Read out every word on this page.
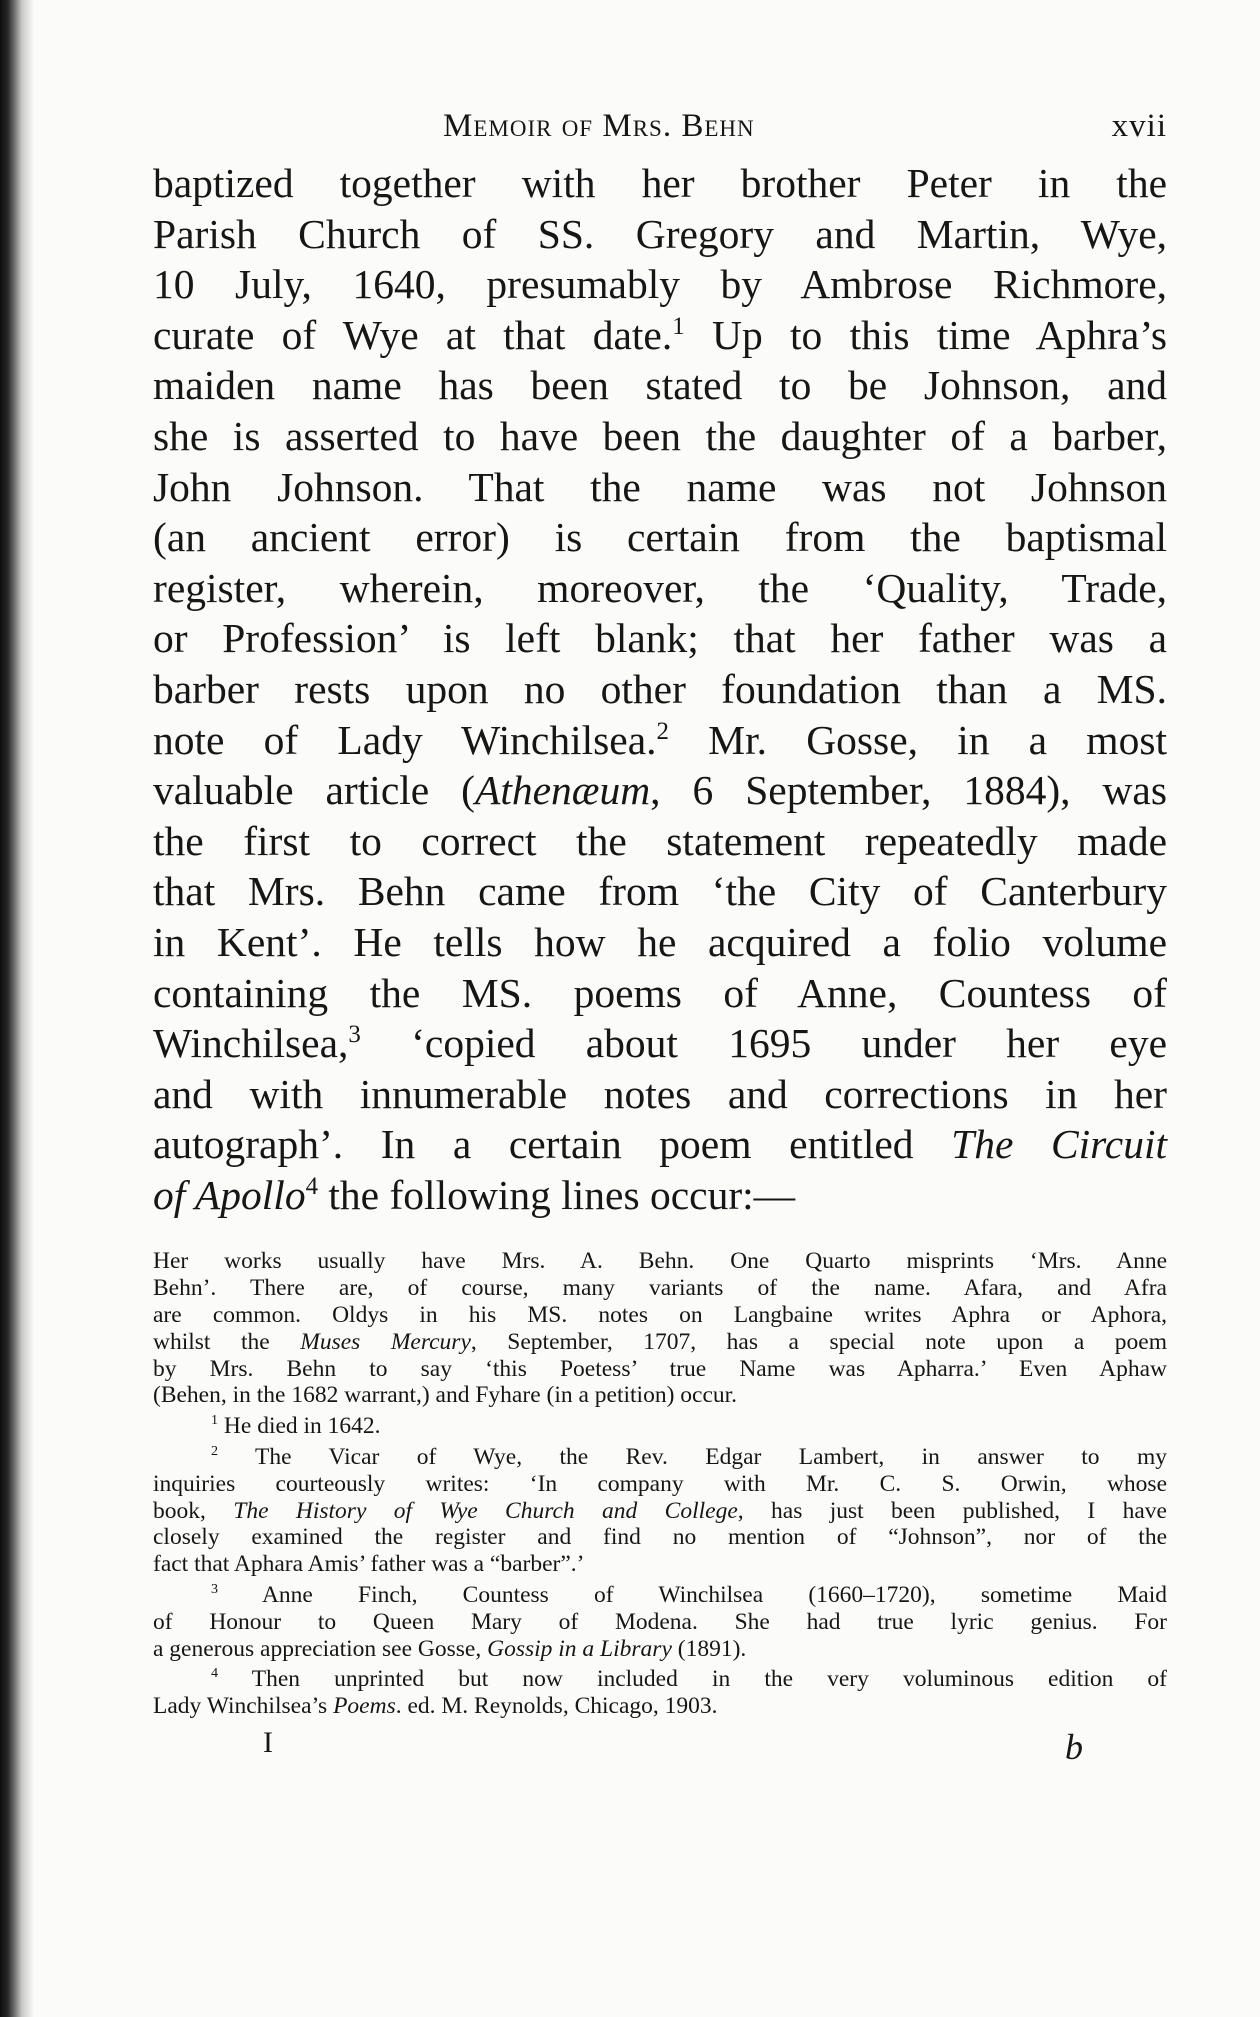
Memoir of Mrs. Behn	xvii
baptized together with her brother Peter in the
Parish Church of SS. Gregory and Martin, Wye,
10 July, 1640, presumably by Ambrose Richmore,
curate of Wye at that date.$^1$ Up to this time Aphra’s
maiden name has been stated to be Johnson, and
she is asserted to have been the daughter of a barber,
John Johnson. That the name was not Johnson
(an ancient error) is certain from the baptismal
register, wherein, moreover, the ‘Quality, Trade,
or Profession’ is left blank; that her father was a
barber rests upon no other foundation than a MS.
note of Lady Winchilsea.$^2$ Mr. Gosse, in a most
valuable article (Athenæum, 6 September, 1884), was
the first to correct the statement repeatedly made
that Mrs. Behn came from ‘the City of Canterbury
in Kent’. He tells how he acquired a folio volume
containing the MS. poems of Anne, Countess of
Winchilsea,$^3$ ‘copied about 1695 under her eye
and with innumerable notes and corrections in her
autograph’. In a certain poem entitled The Circuit
of Apollo$^4$ the following lines occur:—
Her works usually have Mrs. A. Behn. One Quarto misprints ‘Mrs. Anne
Behn’. There are, of course, many variants of the name. Afara, and Afra
are common. Oldys in his MS. notes on Langbaine writes Aphra or Aphora,
whilst the Muses Mercury, September, 1707, has a special note upon a poem
by Mrs. Behn to say ‘this Poetess’ true Name was Apharra.’ Even Aphaw
(Behen, in the 1682 warrant,) and Fyhare (in a petition) occur.
$^1$ He died in 1642.
$^2$ The Vicar of Wye, the Rev. Edgar Lambert, in answer to my
inquiries courteously writes: ‘In company with Mr. C. S. Orwin, whose
book, The History of Wye Church and College, has just been published, I have
closely examined the register and find no mention of “Johnson”, nor of the
fact that Aphara Amis’ father was a “barber”.’
$^3$ Anne Finch, Countess of Winchilsea (1660–1720), sometime Maid
of Honour to Queen Mary of Modena. She had true lyric genius. For
a generous appreciation see Gosse, Gossip in a Library (1891).
$^4$ Then unprinted but now included in the very voluminous edition of
Lady Winchilsea’s Poems. ed. M. Reynolds, Chicago, 1903.
I	b
